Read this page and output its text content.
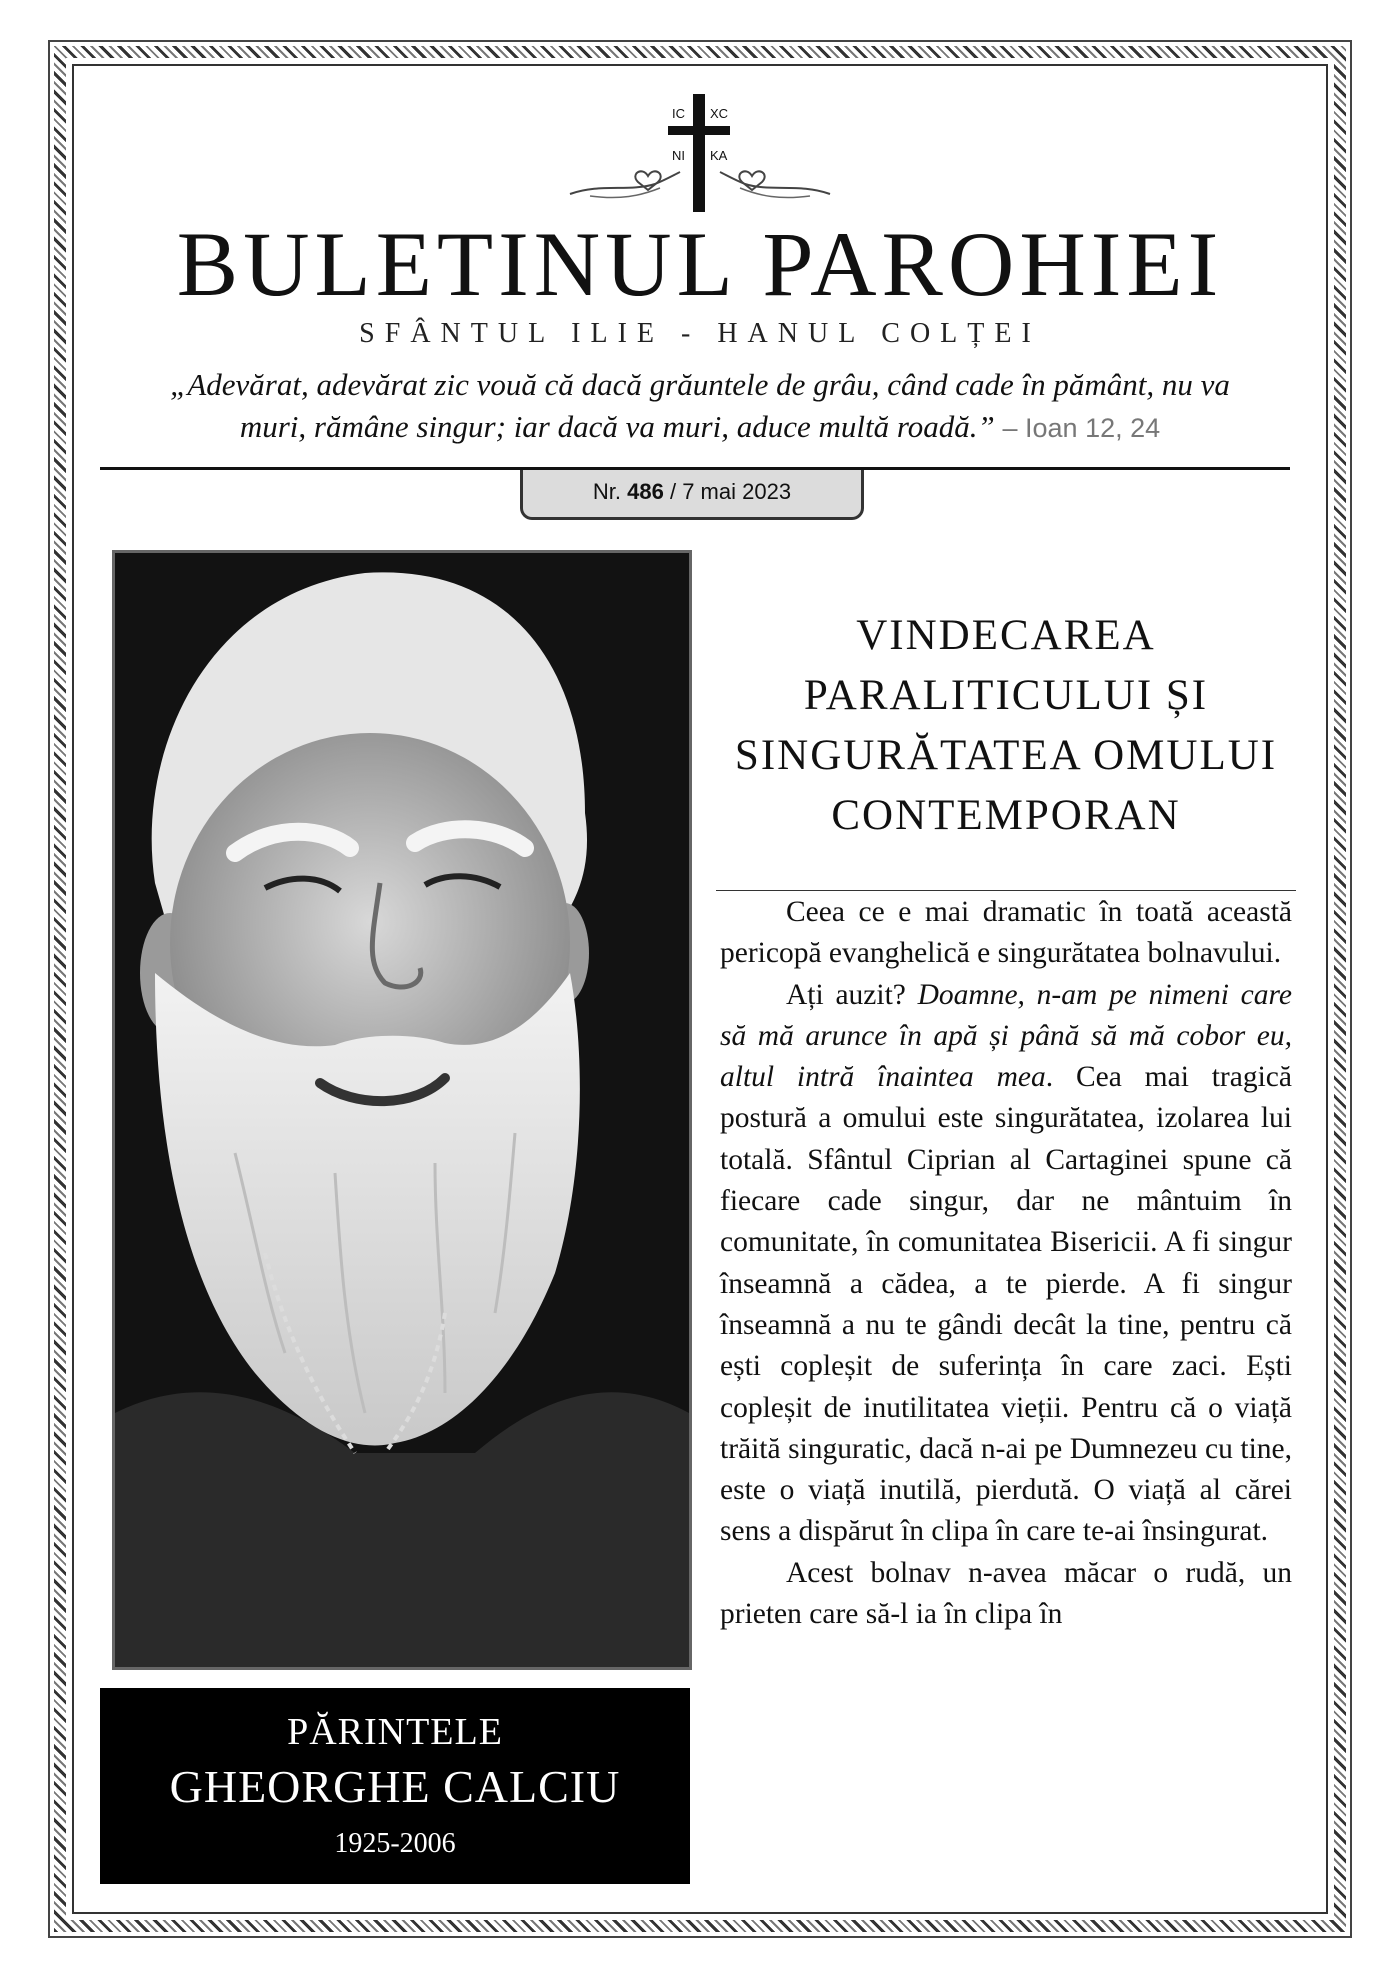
IC XC
NI KA
BULETINUL PAROHIEI
SFÂNTUL ILIE - HANUL COLȚEI
„Adevărat, adevărat zic vouă că dacă grăuntele de grâu, când cade în pământ, nu va
muri, rămâne singur; iar dacă va muri, aduce multă roadă.” – Ioan 12, 24
Nr. 486 / 7 mai 2023
PĂRINTELE
GHEORGHE CALCIU
1925-2006
VINDECAREA PARALITICULUI ȘI SINGURĂTATEA OMULUI CONTEMPORAN

Ceea ce e mai dramatic în toată această pericopă evanghelică e singurătatea bolnavului.

Ați auzit? Doamne, n-am pe nimeni care să mă arunce în apă și până să mă cobor eu, altul intră înaintea mea. Cea mai tragică postură a omului este singurătatea, izolarea lui totală. Sfântul Ciprian al Cartaginei spune că fiecare cade singur, dar ne mântuim în comunitate, în comunitatea Bisericii. A fi singur înseamnă a cădea, a te pierde. A fi singur înseamnă a nu te gândi decât la tine, pentru că ești copleșit de suferința în care zaci. Ești copleșit de inutilitatea vieții. Pentru că o viață trăită singuratic, dacă n-ai pe Dumnezeu cu tine, este o viață inutilă, pierdută. O viață al cărei sens a dispărut în clipa în care te-ai însingurat.

Acest bolnav n-avea măcar o rudă, un prieten care să-l ia în clipa în
